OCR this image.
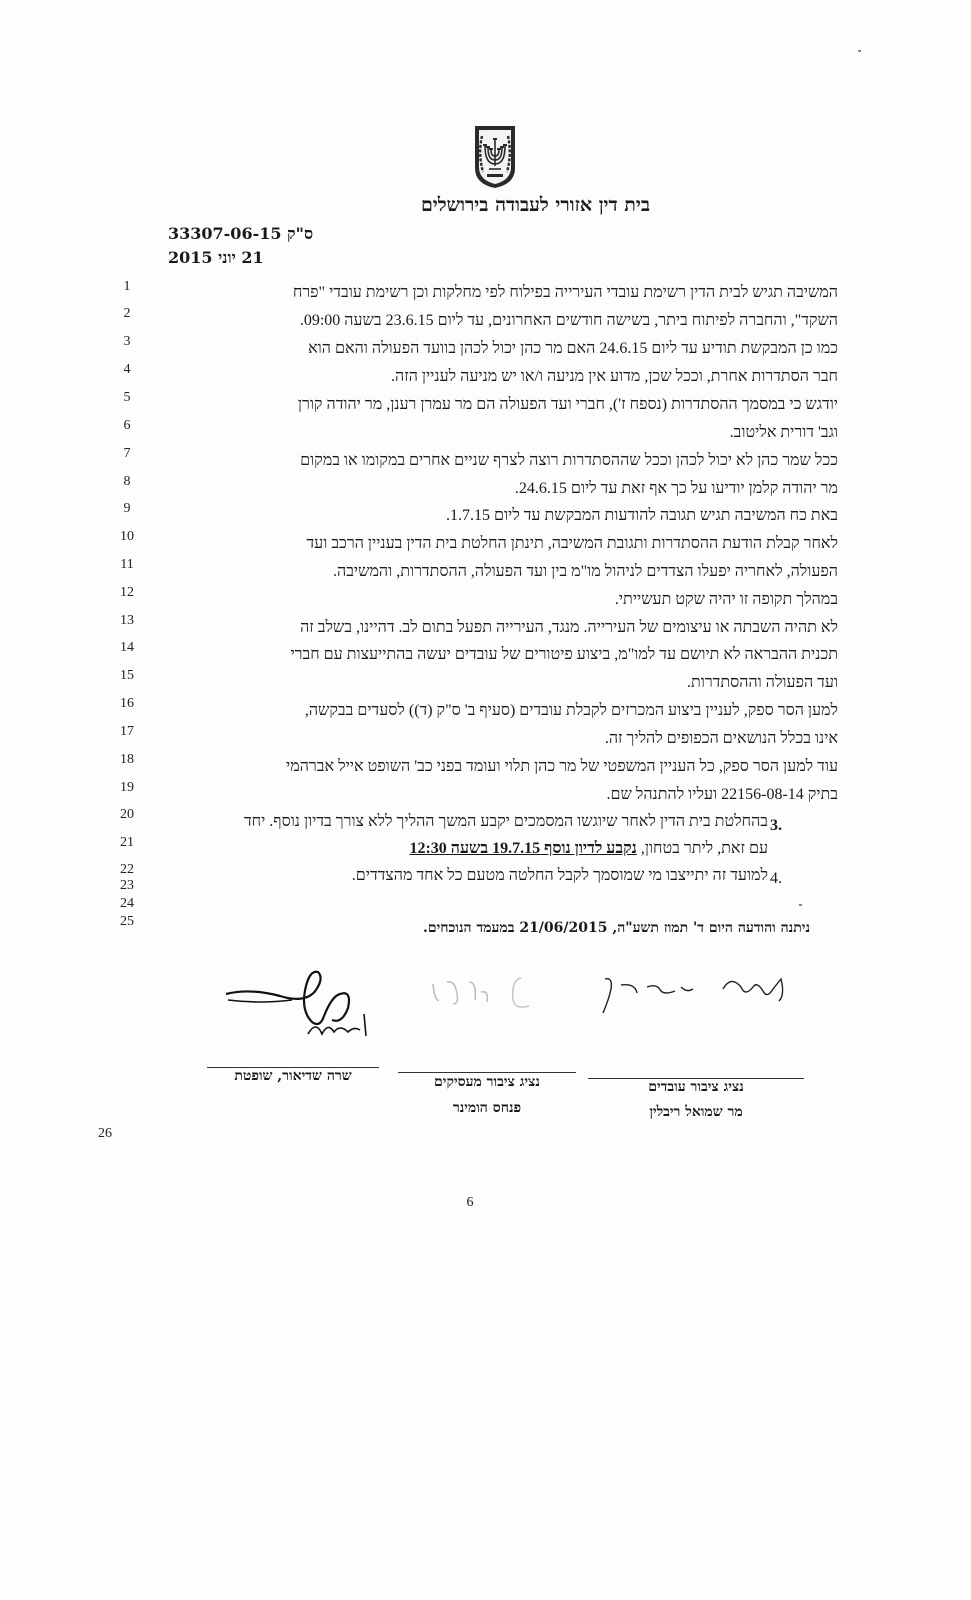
בית דין אזורי לעבודה בירושלים
ס"ק 33307-06-15
21 יוני 2015
1
2
3
4
5
6
7
8
9
10
11
12
13
14
15
16
17
18
19
20
21
22
23
24
25
המשיבה תגיש לבית הדין רשימת עובדי העירייה בפילוח לפי מחלקות וכן רשימת עובדי "פרח
השקד", והחברה לפיתוח ביתר, בשישה חודשים האחרונים, עד ליום 23.6.15 בשעה 09:00.
כמו כן המבקשת תודיע עד ליום 24.6.15 האם מר כהן יכול לכהן בוועד הפעולה והאם הוא
חבר הסתדרות אחרת, וככל שכן, מדוע אין מניעה ו/או יש מניעה לעניין הזה.
יודגש כי במסמך ההסתדרות (נספח ז'), חברי ועד הפעולה הם מר עמרן רענן, מר יהודה קורן
וגב' דורית אליטוב.
ככל שמר כהן לא יכול לכהן וככל שההסתדרות רוצה לצרף שניים אחרים במקומו או במקום
מר יהודה קלמן יודיעו על כך אף זאת עד ליום 24.6.15.
באת כח המשיבה תגיש תגובה להודעות המבקשת עד ליום 1.7.15.
לאחר קבלת הודעת ההסתדרות ותגובת המשיבה, תינתן החלטת בית הדין בעניין הרכב ועד
הפעולה, לאחריה יפעלו הצדדים לניהול מו"מ בין ועד הפעולה, ההסתדרות, והמשיבה.
במהלך תקופה זו יהיה שקט תעשייתי.
לא תהיה השבתה או עיצומים של העירייה. מנגד, העירייה תפעל בתום לב. דהיינו, בשלב זה
תכנית ההבראה לא תיושם עד למו"מ, ביצוע פיטורים של עובדים יעשה בהתייעצות עם חברי
ועד הפעולה וההסתדרות.
למען הסר ספק, לעניין ביצוע המכרזים לקבלת עובדים (סעיף ב' ס"ק (ד)) לסעדים בבקשה,
אינו בכלל הנושאים הכפופים להליך זה.
עוד למען הסר ספק, כל העניין המשפטי של מר כהן תלוי ועומד בפני כב' השופט אייל אברהמי
בתיק 22156-08-14 ועליו להתנהל שם.
בהחלטת בית הדין לאחר שיוגשו המסמכים יקבע המשך ההליך ללא צורך בדיון נוסף. יחד 3.
עם זאת, ליתר בטחון, נקבע לדיון נוסף 19.7.15 בשעה 12:30
למועד זה יתייצבו מי שמוסמך לקבל החלטה מטעם כל אחד מהצדדים. 4.
ניתנה והודעה היום ד' תמוז תשע"ה, 21/06/2015 במעמד הנוכחים.
שרה שדיאור, שופטת	נציג ציבור מעסיקים
פנחס הומינר
נציג ציבור עובדים
מר שמואל ריבלין
26
6
